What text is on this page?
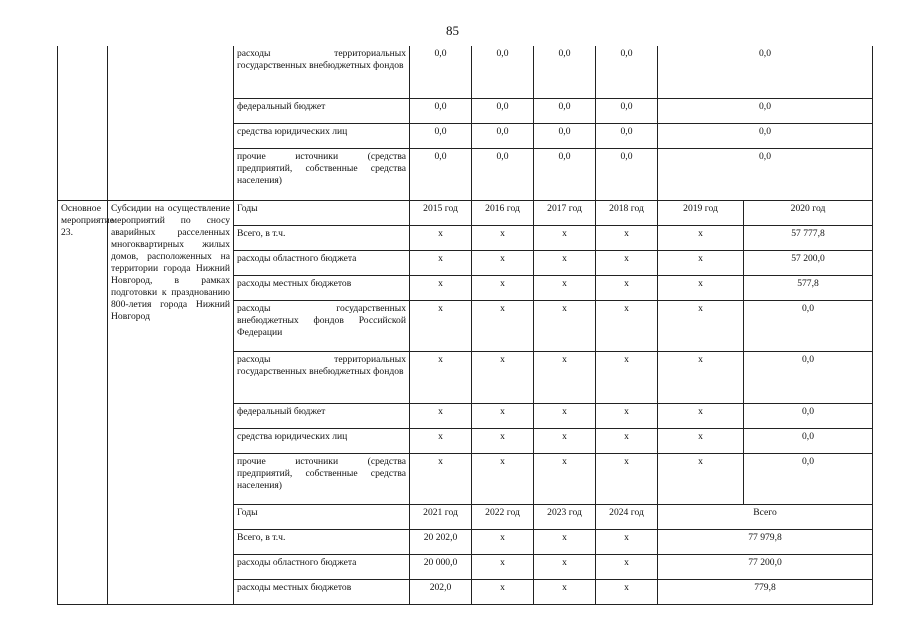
85
		расходы территориальных государственных внебюджетных фондов	0,0	0,0	0,0	0,0	0,0	
		федеральный бюджет	0,0	0,0	0,0	0,0	0,0	
		средства юридических лиц	0,0	0,0	0,0	0,0	0,0	
		прочие источники (средства предприятий, собственные средства населения)	0,0	0,0	0,0	0,0	0,0	
Основное мероприятие 23.	Субсидии на осуществление мероприятий по сносу аварийных расселенных многоквартирных жилых домов, расположенных на территории города Нижний Новгород, в рамках подготовки к празднованию 800-летия города Нижний Новгород	Годы	2015 год	2016 год	2017 год	2018 год	2019 год	2020 год
		Всего, в т.ч.	х	х	х	х	х	57 777,8
		расходы областного бюджета	х	х	х	х	х	57 200,0
		расходы местных бюджетов	х	х	х	х	х	577,8
		расходы государственных внебюджетных фондов Российской Федерации	х	х	х	х	х	0,0
		расходы территориальных государственных внебюджетных фондов	х	х	х	х	х	0,0
		федеральный бюджет	х	х	х	х	х	0,0
		средства юридических лиц	х	х	х	х	х	0,0
		прочие источники (средства предприятий, собственные средства населения)	х	х	х	х	х	0,0
		Годы	2021 год	2022 год	2023 год	2024 год	Всего	
		Всего, в т.ч.	20 202,0	х	х	х	77 979,8	
		расходы областного бюджета	20 000,0	х	х	х	77 200,0	
		расходы местных бюджетов	202,0	х	х	х	779,8	
